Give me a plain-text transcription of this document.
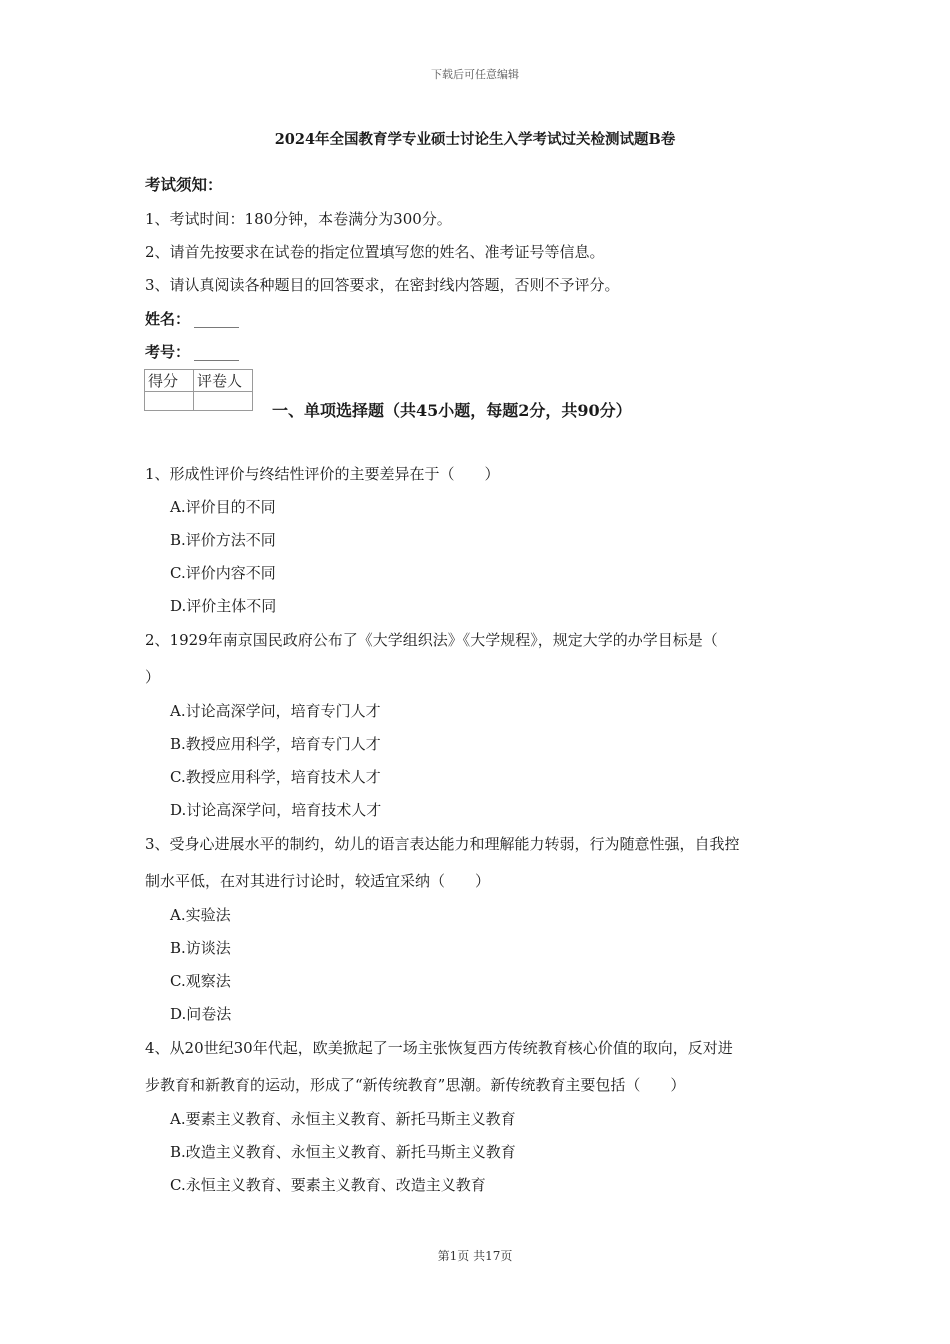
下载后可任意编辑
2024年全国教育学专业硕士讨论生入学考试过关检测试题B卷
考试须知：
1、考试时间：180分钟，本卷满分为300分。
2、请首先按要求在试卷的指定位置填写您的姓名、准考证号等信息。
3、请认真阅读各种题目的回答要求，在密封线内答题，否则不予评分。
姓名： ______
考号： ______
得分	评卷人

一、单项选择题（共45小题，每题2分，共90分）
1、形成性评价与终结性评价的主要差异在于（　　）
A.评价目的不同
B.评价方法不同
C.评价内容不同
D.评价主体不同
2、1929年南京国民政府公布了《大学组织法》《大学规程》，规定大学的办学目标是（
）
A.讨论高深学问，培育专门人才
B.教授应用科学，培育专门人才
C.教授应用科学，培育技术人才
D.讨论高深学问，培育技术人才
3、受身心进展水平的制约，幼儿的语言表达能力和理解能力转弱，行为随意性强，自我控
制水平低，在对其进行讨论时，较适宜采纳（　　）
A.实验法
B.访谈法
C.观察法
D.问卷法
4、从20世纪30年代起，欧美掀起了一场主张恢复西方传统教育核心价值的取向，反对进
步教育和新教育的运动，形成了“新传统教育”思潮。新传统教育主要包括（　　）
A.要素主义教育、永恒主义教育、新托马斯主义教育
B.改造主义教育、永恒主义教育、新托马斯主义教育
C.永恒主义教育、要素主义教育、改造主义教育
第1页 共17页
